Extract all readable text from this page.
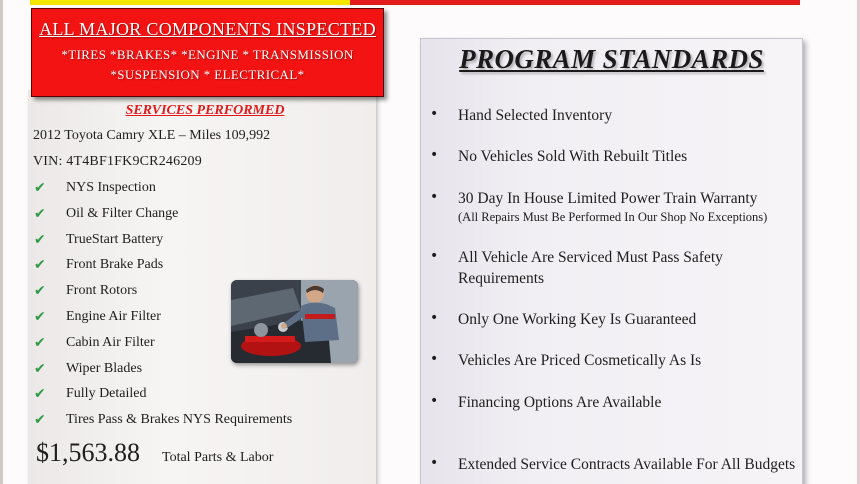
ALL MAJOR COMPONENTS INSPECTED
*TIRES *BRAKES* *ENGINE * TRANSMISSION
*SUSPENSION * ELECTRICAL*
SERVICES PERFORMED
2012 Toyota Camry XLE – Miles 109,992
VIN: 4T4BF1FK9CR246209
✔	NYS Inspection
✔	Oil & Filter Change
✔	TrueStart Battery
✔	Front Brake Pads
✔	Front Rotors
✔	Engine Air Filter
✔	Cabin Air Filter
✔	Wiper Blades
✔	Fully Detailed
✔	Tires Pass & Brakes NYS Requirements
$1,563.88 Total Parts & Labor
PROGRAM STANDARDS
• Hand Selected Inventory
• No Vehicles Sold With Rebuilt Titles
• 30 Day In House Limited Power Train Warranty
(All Repairs Must Be Performed In Our Shop No Exceptions)
• All Vehicle Are Serviced Must Pass Safety Requirements
• Only One Working Key Is Guaranteed
• Vehicles Are Priced Cosmetically As Is
• Financing Options Are Available
• Extended Service Contracts Available For All Budgets
